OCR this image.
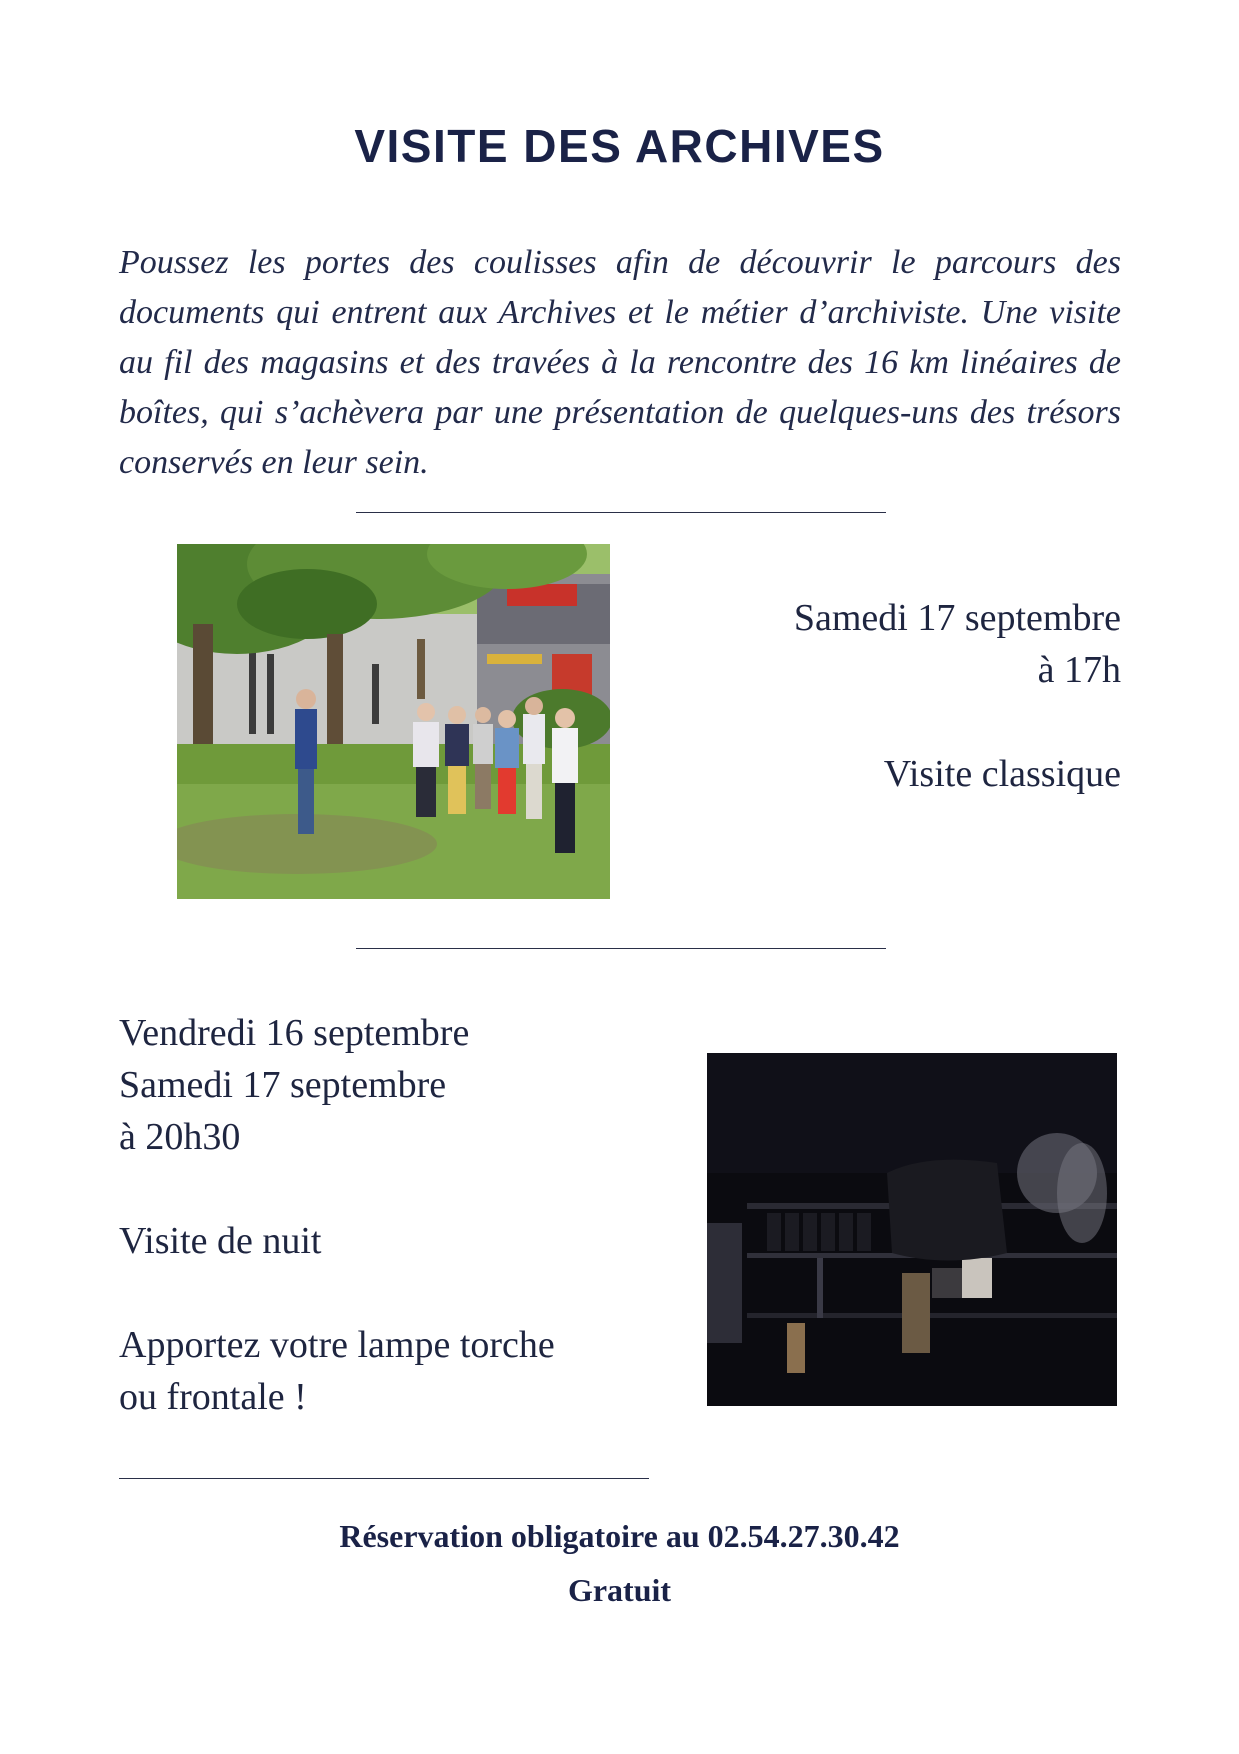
VISITE DES ARCHIVES

Poussez les portes des coulisses afin de découvrir le parcours des documents qui entrent aux Archives et le métier d’archiviste. Une visite au fil des magasins et des travées à la rencontre des 16 km linéaires de boîtes, qui s’achèvera par une présentation de quelques-uns des trésors conservés en leur sein.

Samedi 17 septembre
à 17h
Visite classique
Vendredi 16 septembre
Samedi 17 septembre
à 20h30
Visite de nuit
Apportez votre lampe torche
ou frontale !
Réservation obligatoire au 02.54.27.30.42
Gratuit
